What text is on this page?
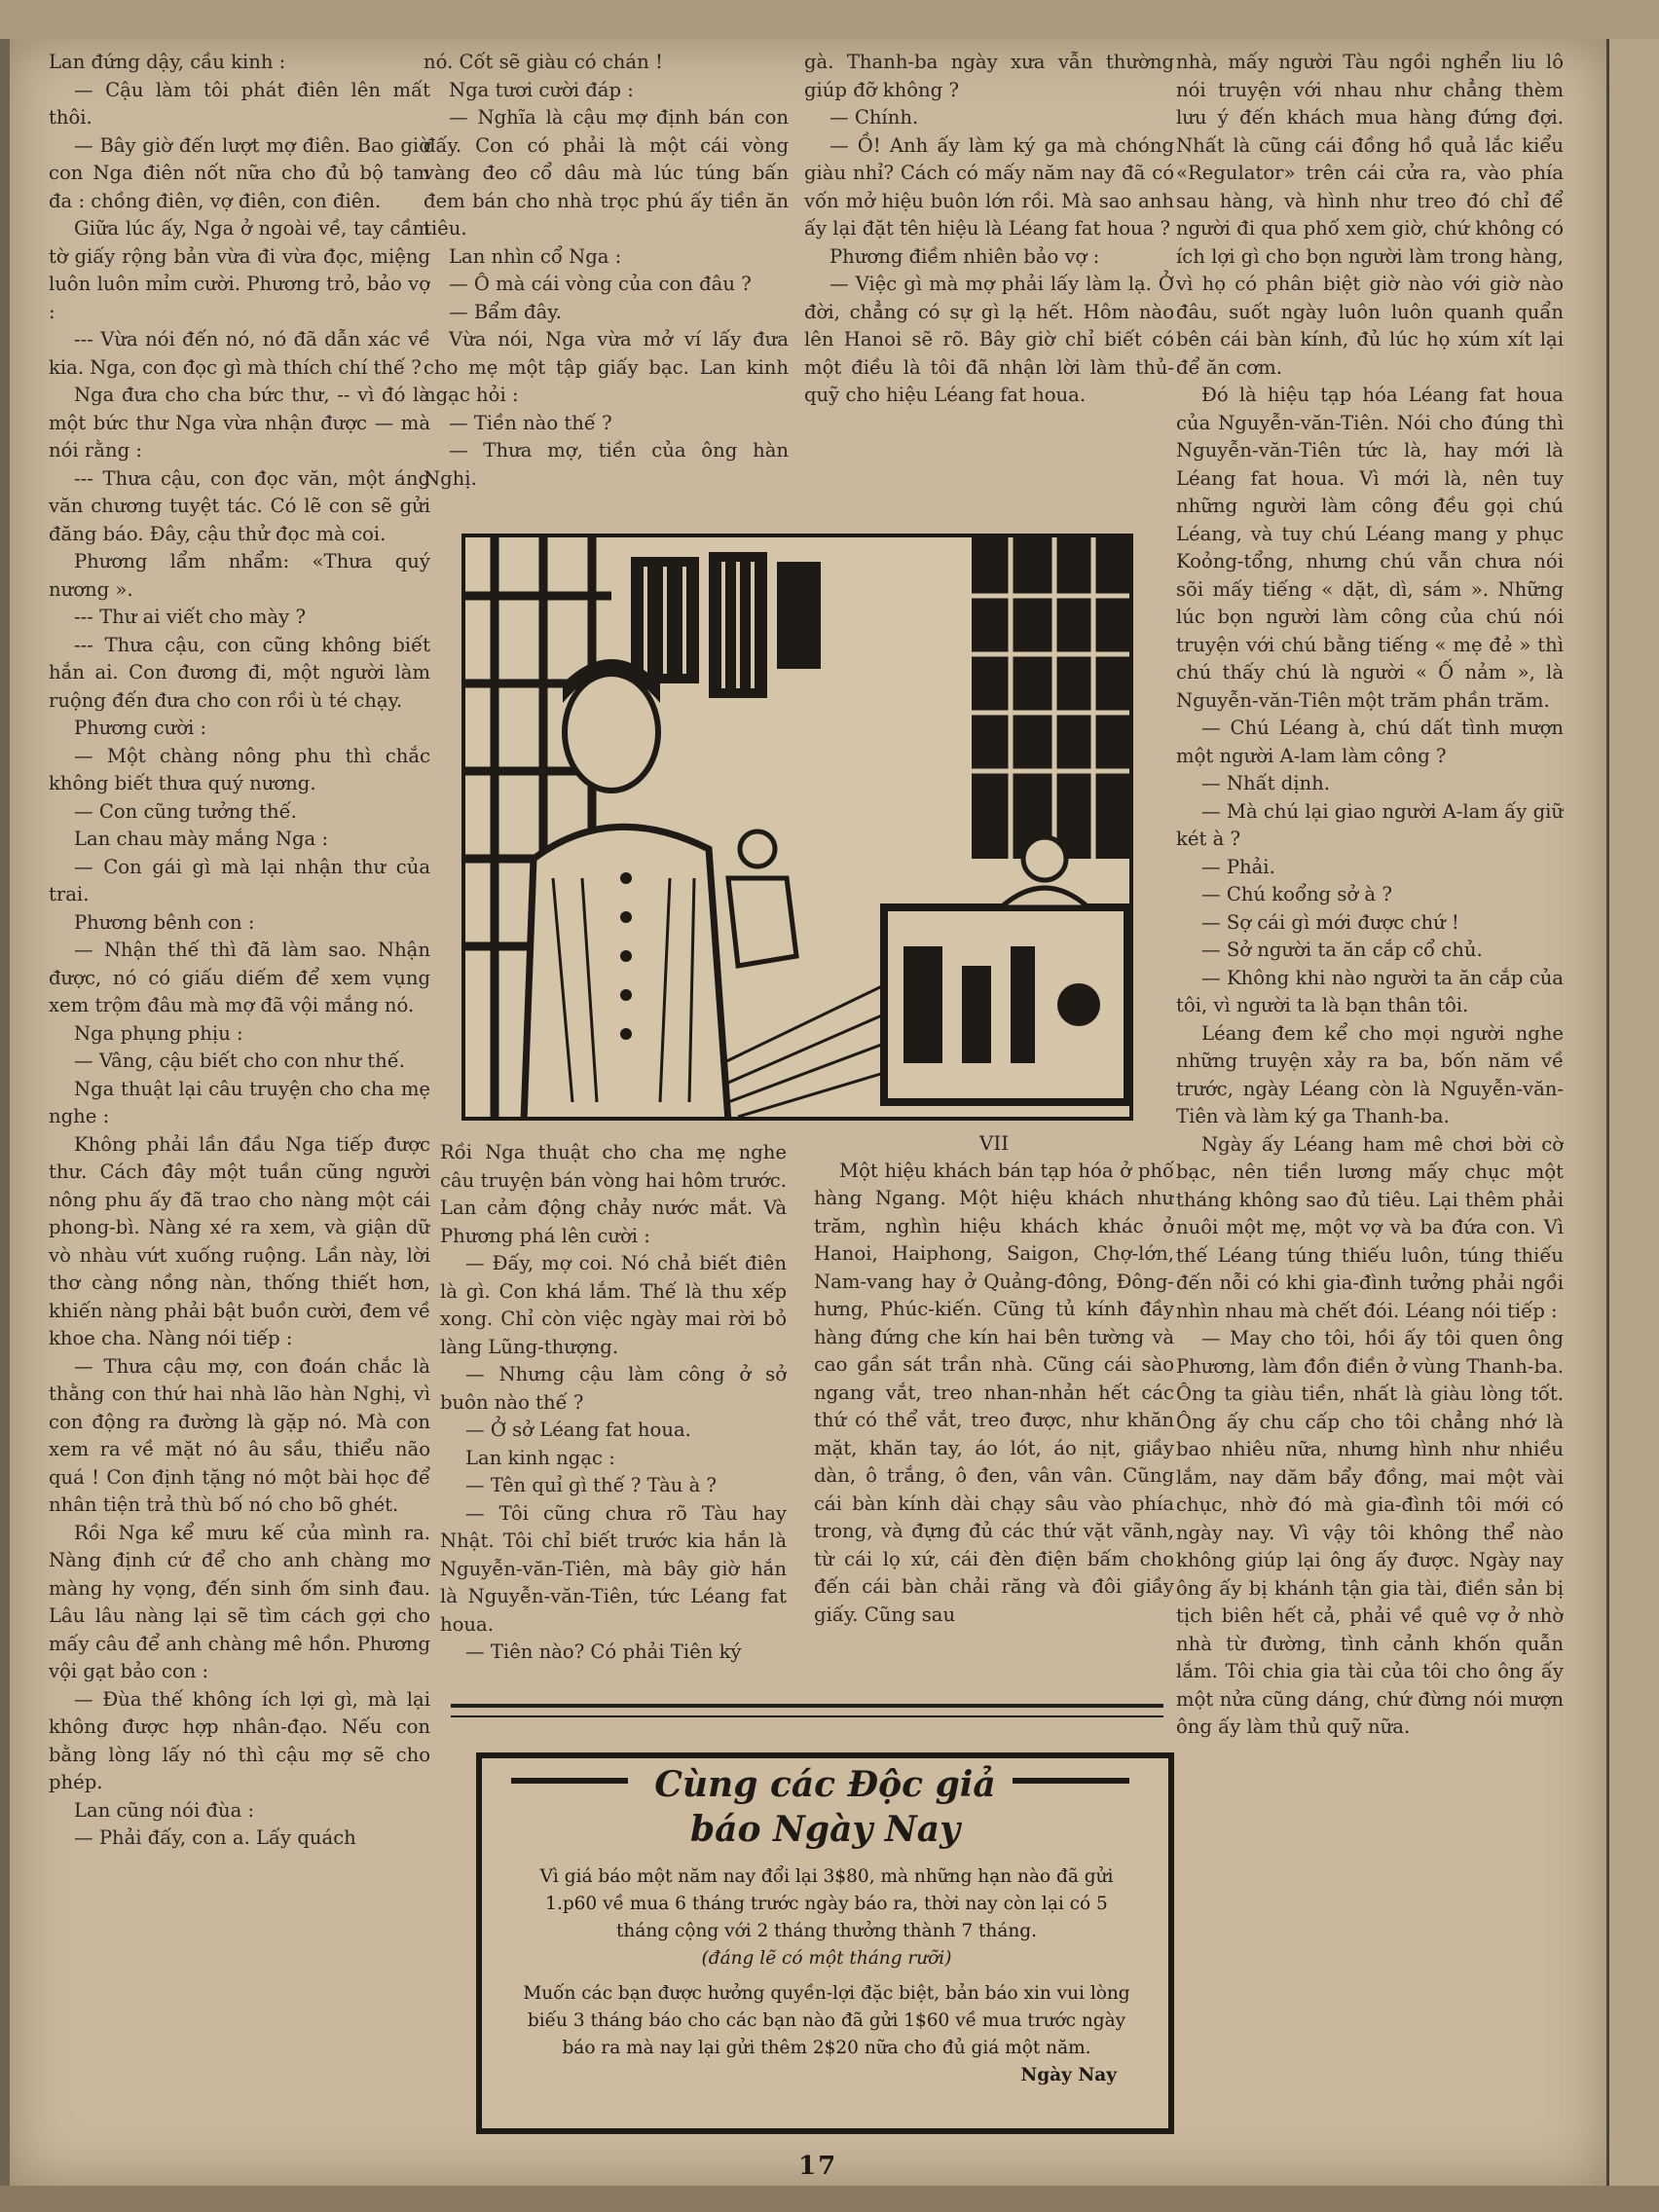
Lan đứng dậy, cầu kinh :

— Cậu làm tôi phát điên lên mất thôi.

— Bây giờ đến lượt mợ điên. Bao giờ con Nga điên nốt nữa cho đủ bộ tam đa : chồng điên, vợ điên, con điên.

Giữa lúc ấy, Nga ở ngoài về, tay cầm tờ giấy rộng bản vừa đi vừa đọc, miệng luôn luôn mỉm cười. Phương trỏ, bảo vợ :

--- Vừa nói đến nó, nó đã dẫn xác về kia. Nga, con đọc gì mà thích chí thế ?

Nga đưa cho cha bức thư, -- vì đó là một bức thư Nga vừa nhận được — mà nói rằng :

--- Thưa cậu, con đọc văn, một áng văn chương tuyệt tác. Có lẽ con sẽ gửi đăng báo. Đây, cậu thử đọc mà coi.

Phương lẩm nhẩm: «Thưa quý nương ».

--- Thư ai viết cho mày ?

--- Thưa cậu, con cũng không biết hắn ai. Con đương đi, một người làm ruộng đến đưa cho con rồi ù té chạy.

Phương cười :

— Một chàng nông phu thì chắc không biết thưa quý nương.

— Con cũng tưởng thế.

Lan chau mày mắng Nga :

— Con gái gì mà lại nhận thư của trai.

Phương bênh con :

— Nhận thế thì đã làm sao. Nhận được, nó có giấu diếm để xem vụng xem trộm đâu mà mợ đã vội mắng nó.

Nga phụng phịu :

— Vâng, cậu biết cho con như thế.

Nga thuật lại câu truyện cho cha mẹ nghe :

Không phải lần đầu Nga tiếp được thư. Cách đây một tuần cũng người nông phu ấy đã trao cho nàng một cái phong-bì. Nàng xé ra xem, và giận dữ vò nhàu vứt xuống ruộng. Lần này, lời thơ càng nồng nàn, thống thiết hơn, khiến nàng phải bật buồn cười, đem về khoe cha. Nàng nói tiếp :

— Thưa cậu mợ, con đoán chắc là thằng con thứ hai nhà lão hàn Nghị, vì con động ra đường là gặp nó. Mà con xem ra về mặt nó âu sầu, thiểu não quá ! Con định tặng nó một bài học để nhân tiện trả thù bố nó cho bõ ghét.

Rồi Nga kể mưu kế của mình ra. Nàng định cứ để cho anh chàng mơ màng hy vọng, đến sinh ốm sinh đau. Lâu lâu nàng lại sẽ tìm cách gợi cho mấy câu để anh chàng mê hồn. Phương vội gạt bảo con :

— Đùa thế không ích lợi gì, mà lại không được hợp nhân-đạo. Nếu con bằng lòng lấy nó thì cậu mợ sẽ cho phép.

Lan cũng nói đùa :

— Phải đấy, con a. Lấy quách

nó. Cốt sẽ giàu có chán !

Nga tươi cười đáp :

— Nghĩa là cậu mợ định bán con đấy. Con có phải là một cái vòng vàng đeo cổ dâu mà lúc túng bấn đem bán cho nhà trọc phú ấy tiền ăn tiêu.

Lan nhìn cổ Nga :

— Ô mà cái vòng của con đâu ?

— Bẩm đây.

Vừa nói, Nga vừa mở ví lấy đưa cho mẹ một tập giấy bạc. Lan kinh ngạc hỏi :

— Tiền nào thế ?

— Thưa mợ, tiền của ông hàn Nghị.

gà. Thanh-ba ngày xưa vẫn thường giúp đỡ không ?

— Chính.

— Ồ! Anh ấy làm ký ga mà chóng giàu nhỉ? Cách có mấy năm nay đã có vốn mở hiệu buôn lớn rồi. Mà sao anh ấy lại đặt tên hiệu là Léang fat houa ?

Phương điềm nhiên bảo vợ :

— Việc gì mà mợ phải lấy làm lạ. Ở đời, chẳng có sự gì lạ hết. Hôm nào lên Hanoi sẽ rõ. Bây giờ chỉ biết có một điều là tôi đã nhận lời làm thủ-quỹ cho hiệu Léang fat houa.

nhà, mấy người Tàu ngồi nghển liu lô nói truyện với nhau như chẳng thèm lưu ý đến khách mua hàng đứng đợi. Nhất là cũng cái đồng hồ quả lắc kiểu «Regulator» trên cái cửa ra, vào phía sau hàng, và hình như treo đó chỉ để người đi qua phố xem giờ, chứ không có ích lợi gì cho bọn người làm trong hàng, vì họ có phân biệt giờ nào với giờ nào đâu, suốt ngày luôn luôn quanh quẩn bên cái bàn kính, đủ lúc họ xúm xít lại để ăn cơm.

Đó là hiệu tạp hóa Léang fat houa của Nguyễn-văn-Tiên. Nói cho đúng thì Nguyễn-văn-Tiên tức là, hay mới là Léang fat houa. Vì mới là, nên tuy những người làm công đều gọi chú Léang, và tuy chú Léang mang y phục Koỏng-tổng, nhưng chú vẫn chưa nói sõi mấy tiếng « dặt, dì, sám ». Những lúc bọn người làm công của chú nói truyện với chú bằng tiếng « mẹ đẻ » thì chú thấy chú là người « Ố nảm », là Nguyễn-văn-Tiên một trăm phần trăm.

— Chú Léang à, chú dất tình mượn một người A-lam làm công ?

— Nhất dịnh.

— Mà chú lại giao người A-lam ấy giữ két à ?

— Phải.

— Chú koổng sở à ?

— Sợ cái gì mới được chứ !

— Sở người ta ăn cắp cổ chủ.

— Không khi nào người ta ăn cắp của tôi, vì người ta là bạn thân tôi.

Léang đem kể cho mọi người nghe những truyện xảy ra ba, bốn năm về trước, ngày Léang còn là Nguyễn-văn-Tiên và làm ký ga Thanh-ba.

Ngày ấy Léang ham mê chơi bời cờ bạc, nên tiền lương mấy chục một tháng không sao đủ tiêu. Lại thêm phải nuôi một mẹ, một vợ và ba đứa con. Vì thế Léang túng thiếu luôn, túng thiếu đến nỗi có khi gia-đình tưởng phải ngồi nhìn nhau mà chết đói. Léang nói tiếp :

— May cho tôi, hồi ấy tôi quen ông Phương, làm đồn điền ở vùng Thanh-ba. Ông ta giàu tiền, nhất là giàu lòng tốt. Ông ấy chu cấp cho tôi chẳng nhớ là bao nhiêu nữa, nhưng hình như nhiều lắm, nay dăm bẩy đồng, mai một vài chục, nhờ đó mà gia-đình tôi mới có ngày nay. Vì vậy tôi không thể nào không giúp lại ông ấy được. Ngày nay ông ấy bị khánh tận gia tài, điền sản bị tịch biên hết cả, phải về quê vợ ở nhờ nhà từ đường, tình cảnh khốn quẫn lắm. Tôi chia gia tài của tôi cho ông ấy một nửa cũng dáng, chứ đừng nói mượn ông ấy làm thủ quỹ nữa.

Rồi Nga thuật cho cha mẹ nghe câu truyện bán vòng hai hôm trước. Lan cảm động chảy nước mắt. Và Phương phá lên cười :

— Đấy, mợ coi. Nó chả biết điên là gì. Con khá lắm. Thế là thu xếp xong. Chỉ còn việc ngày mai rời bỏ làng Lũng-thượng.

— Nhưng cậu làm công ở sở buôn nào thế ?

— Ở sở Léang fat houa.

Lan kinh ngạc :

— Tên quỉ gì thế ? Tàu à ?

— Tôi cũng chưa rõ Tàu hay Nhật. Tôi chỉ biết trước kia hắn là Nguyễn-văn-Tiên, mà bây giờ hắn là Nguyễn-văn-Tiên, tức Léang fat houa.

— Tiên nào? Có phải Tiên ký

VII

Một hiệu khách bán tạp hóa ở phố hàng Ngang. Một hiệu khách như trăm, nghìn hiệu khách khác ở Hanoi, Haiphong, Saigon, Chợ-lớn, Nam-vang hay ở Quảng-đông, Đông-hưng, Phúc-kiến. Cũng tủ kính đầy hàng đứng che kín hai bên tường và cao gần sát trần nhà. Cũng cái sào ngang vắt, treo nhan-nhản hết các thứ có thể vắt, treo được, như khăn mặt, khăn tay, áo lót, áo nịt, giầy dàn, ô trắng, ô đen, vân vân. Cũng cái bàn kính dài chạy sâu vào phía trong, và đựng đủ các thứ vặt vãnh, từ cái lọ xứ, cái đèn điện bấm cho đến cái bàn chải răng và đôi giầy giấy. Cũng sau

Cùng các Độc giả
báo Ngày Nay

Vì giá báo một năm nay đổi lại 3$80, mà những hạn nào đã gửi 1.p60 về mua 6 tháng trước ngày báo ra, thời nay còn lại có 5 tháng cộng với 2 tháng thưởng thành 7 tháng.

(đáng lẽ có một tháng rưỡi)

Muốn các bạn được hưởng quyền-lợi đặc biệt, bản báo xin vui lòng biếu 3 tháng báo cho các bạn nào đã gửi 1$60 về mua trước ngày báo ra mà nay lại gửi thêm 2$20 nữa cho đủ giá một năm.

Ngày Nay

17
